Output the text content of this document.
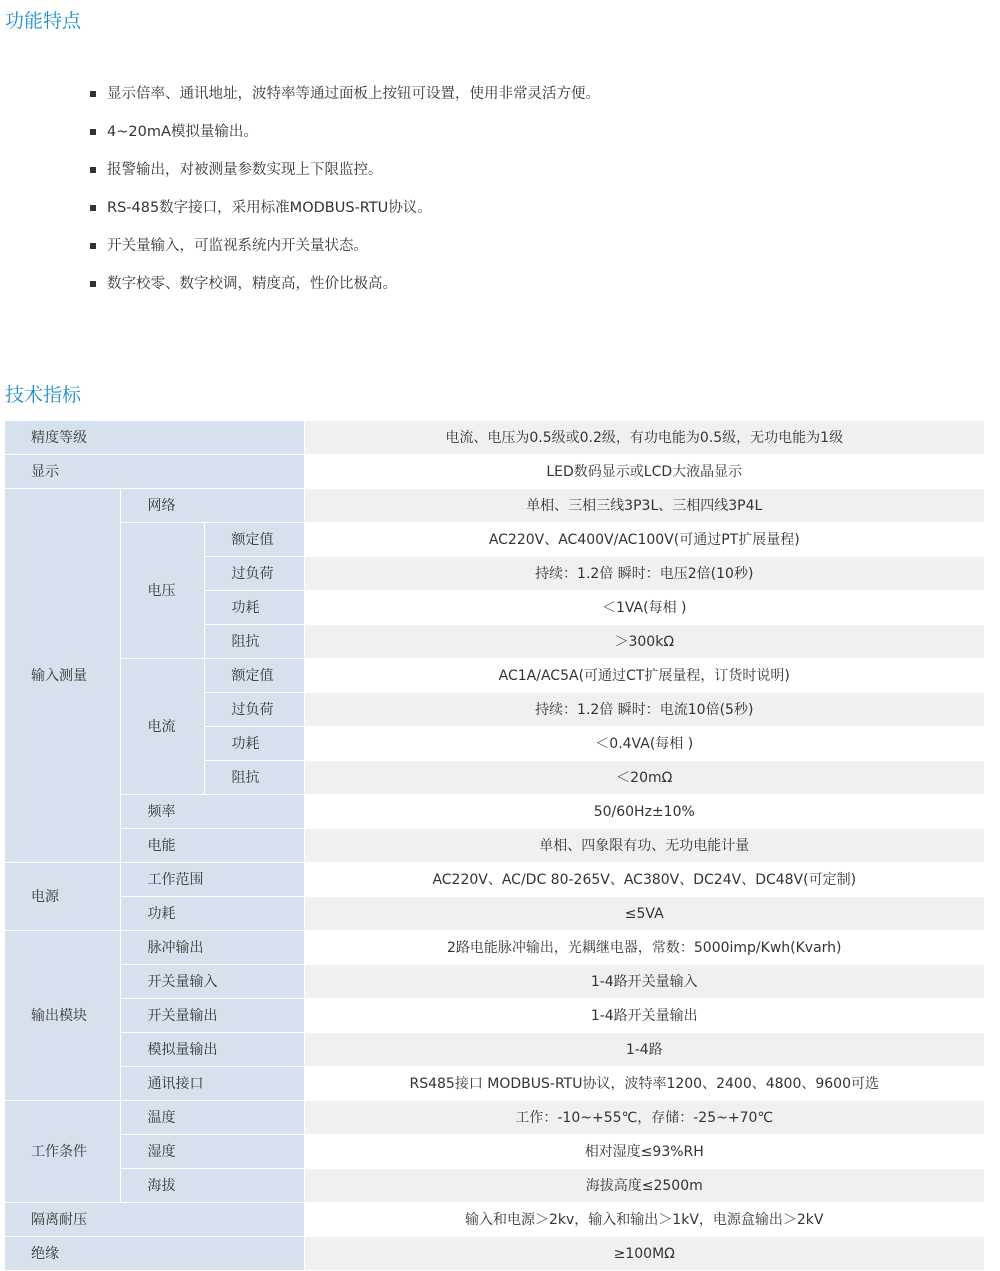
功能特点
显示倍率、通讯地址，波特率等通过面板上按钮可设置，使用非常灵活方便。
4~20mA模拟量输出。
报警输出，对被测量参数实现上下限监控。
RS-485数字接口，采用标准MODBUS-RTU协议。
开关量输入，可监视系统内开关量状态。
数字校零、数字校调，精度高，性价比极高。
技术指标
精度等级			电流、电压为0.5级或0.2级，有功电能为0.5级，无功电能为1级
显示			LED数码显示或LCD大液晶显示
输入测量	网络		单相、三相三线3P3L、三相四线3P4L
	电压	额定值	AC220V、AC400V/AC100V(可通过PT扩展量程)
		过负荷	持续：1.2倍 瞬时：电压2倍(10秒)
		功耗	＜1VA(每相 )
		阻抗	＞300kΩ
	电流	额定值	AC1A/AC5A(可通过CT扩展量程，订货时说明)
		过负荷	持续：1.2倍 瞬时：电流10倍(5秒)
		功耗	＜0.4VA(每相 )
		阻抗	＜20mΩ
	频率		50/60Hz±10%
	电能		单相、四象限有功、无功电能计量
电源	工作范围		AC220V、AC/DC 80-265V、AC380V、DC24V、DC48V(可定制)
	功耗		≤5VA
输出模块	脉冲输出		2路电能脉冲输出，光耦继电器，常数：5000imp/Kwh(Kvarh)
	开关量输入		1-4路开关量输入
	开关量输出		1-4路开关量输出
	模拟量输出		1-4路
	通讯接口		RS485接口 MODBUS-RTU协议，波特率1200、2400、4800、9600可选
工作条件	温度		工作：-10~+55℃，存储：-25~+70℃
	湿度		相对湿度≤93%RH
	海拔		海拔高度≤2500m
隔离耐压			输入和电源＞2kv，输入和输出＞1kV，电源盒输出＞2kV
绝缘			≥100MΩ
